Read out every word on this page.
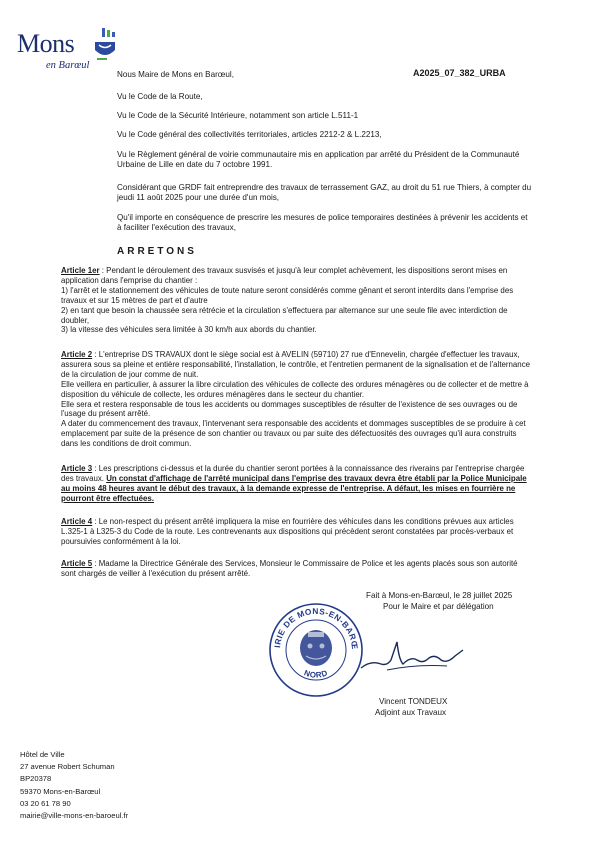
Mons
en Barœul
A2025_07_382_URBA
Nous Maire de Mons en Barœul,
Vu le Code de la Route,
Vu le Code de la Sécurité Intérieure, notamment son article L.511-1
Vu le Code général des collectivités territoriales, articles 2212-2 & L.2213,
Vu le Règlement général de voirie communautaire mis en application par arrêté du Président de la Communauté Urbaine de Lille en date du 7 octobre 1991.
Considérant que GRDF fait entreprendre des travaux de terrassement GAZ, au droit du 51 rue Thiers, à compter du jeudi 11 août 2025 pour une durée d'un mois,
Qu'il importe en conséquence de prescrire les mesures de police temporaires destinées à prévenir les accidents et à faciliter l'exécution des travaux,
ARRETONS

Article 1er : Pendant le déroulement des travaux susvisés et jusqu'à leur complet achèvement, les dispositions seront mises en application dans l'emprise du chantier :

1) l'arrêt et le stationnement des véhicules de toute nature seront considérés comme gênant et seront interdits dans l'emprise des travaux et sur 15 mètres de part et d'autre

2) en tant que besoin la chaussée sera rétrécie et la circulation s'effectuera par alternance sur une seule file avec interdiction de doubler,

3) la vitesse des véhicules sera limitée à 30 km/h aux abords du chantier.

Article 2 : L'entreprise DS TRAVAUX dont le siège social est à AVELIN (59710) 27 rue d'Ennevelin, chargée d'effectuer les travaux, assurera sous sa pleine et entière responsabilité, l'installation, le contrôle, et l'entretien permanent de la signalisation et de l'alternance de la circulation de jour comme de nuit.

Elle veillera en particulier, à assurer la libre circulation des véhicules de collecte des ordures ménagères ou de collecter et de mettre à disposition du véhicule de collecte, les ordures ménagères dans le secteur du chantier.

Elle sera et restera responsable de tous les accidents ou dommages susceptibles de résulter de l'existence de ses ouvrages ou de l'usage du présent arrêté.

A dater du commencement des travaux, l'intervenant sera responsable des accidents et dommages susceptibles de se produire à cet emplacement par suite de la présence de son chantier ou travaux ou par suite des défectuosités des ouvrages qu'il aura construits dans les conditions de droit commun.

Article 3 : Les prescriptions ci-dessus et la durée du chantier seront portées à la connaissance des riverains par l'entreprise chargée des travaux. Un constat d'affichage de l'arrêté municipal dans l'emprise des travaux devra être établi par la Police Municipale au moins 48 heures avant le début des travaux, à la demande expresse de l'entreprise. A défaut, les mises en fourrière ne pourront être effectuées.

Article 4 : Le non-respect du présent arrêté impliquera la mise en fourrière des véhicules dans les conditions prévues aux articles L.325-1 à L325-3 du Code de la route. Les contrevenants aux dispositions qui précèdent seront constatées par procès-verbaux et poursuivies conformément à la loi.

Article 5 : Madame la Directrice Générale des Services, Monsieur le Commissaire de Police et les agents placés sous son autorité sont chargés de veiller à l'exécution du présent arrêté.

Fait à Mons-en-Barœul, le 28 juillet 2025
Pour le Maire et par délégation
IRIE DE MONS-EN-BARŒ
NORD
Vincent TONDEUX
Adjoint aux Travaux
Hôtel de Ville
27 avenue Robert Schuman
BP20378
59370 Mons-en-Barœul
03 20 61 78 90
mairie@ville-mons-en-baroeul.fr
